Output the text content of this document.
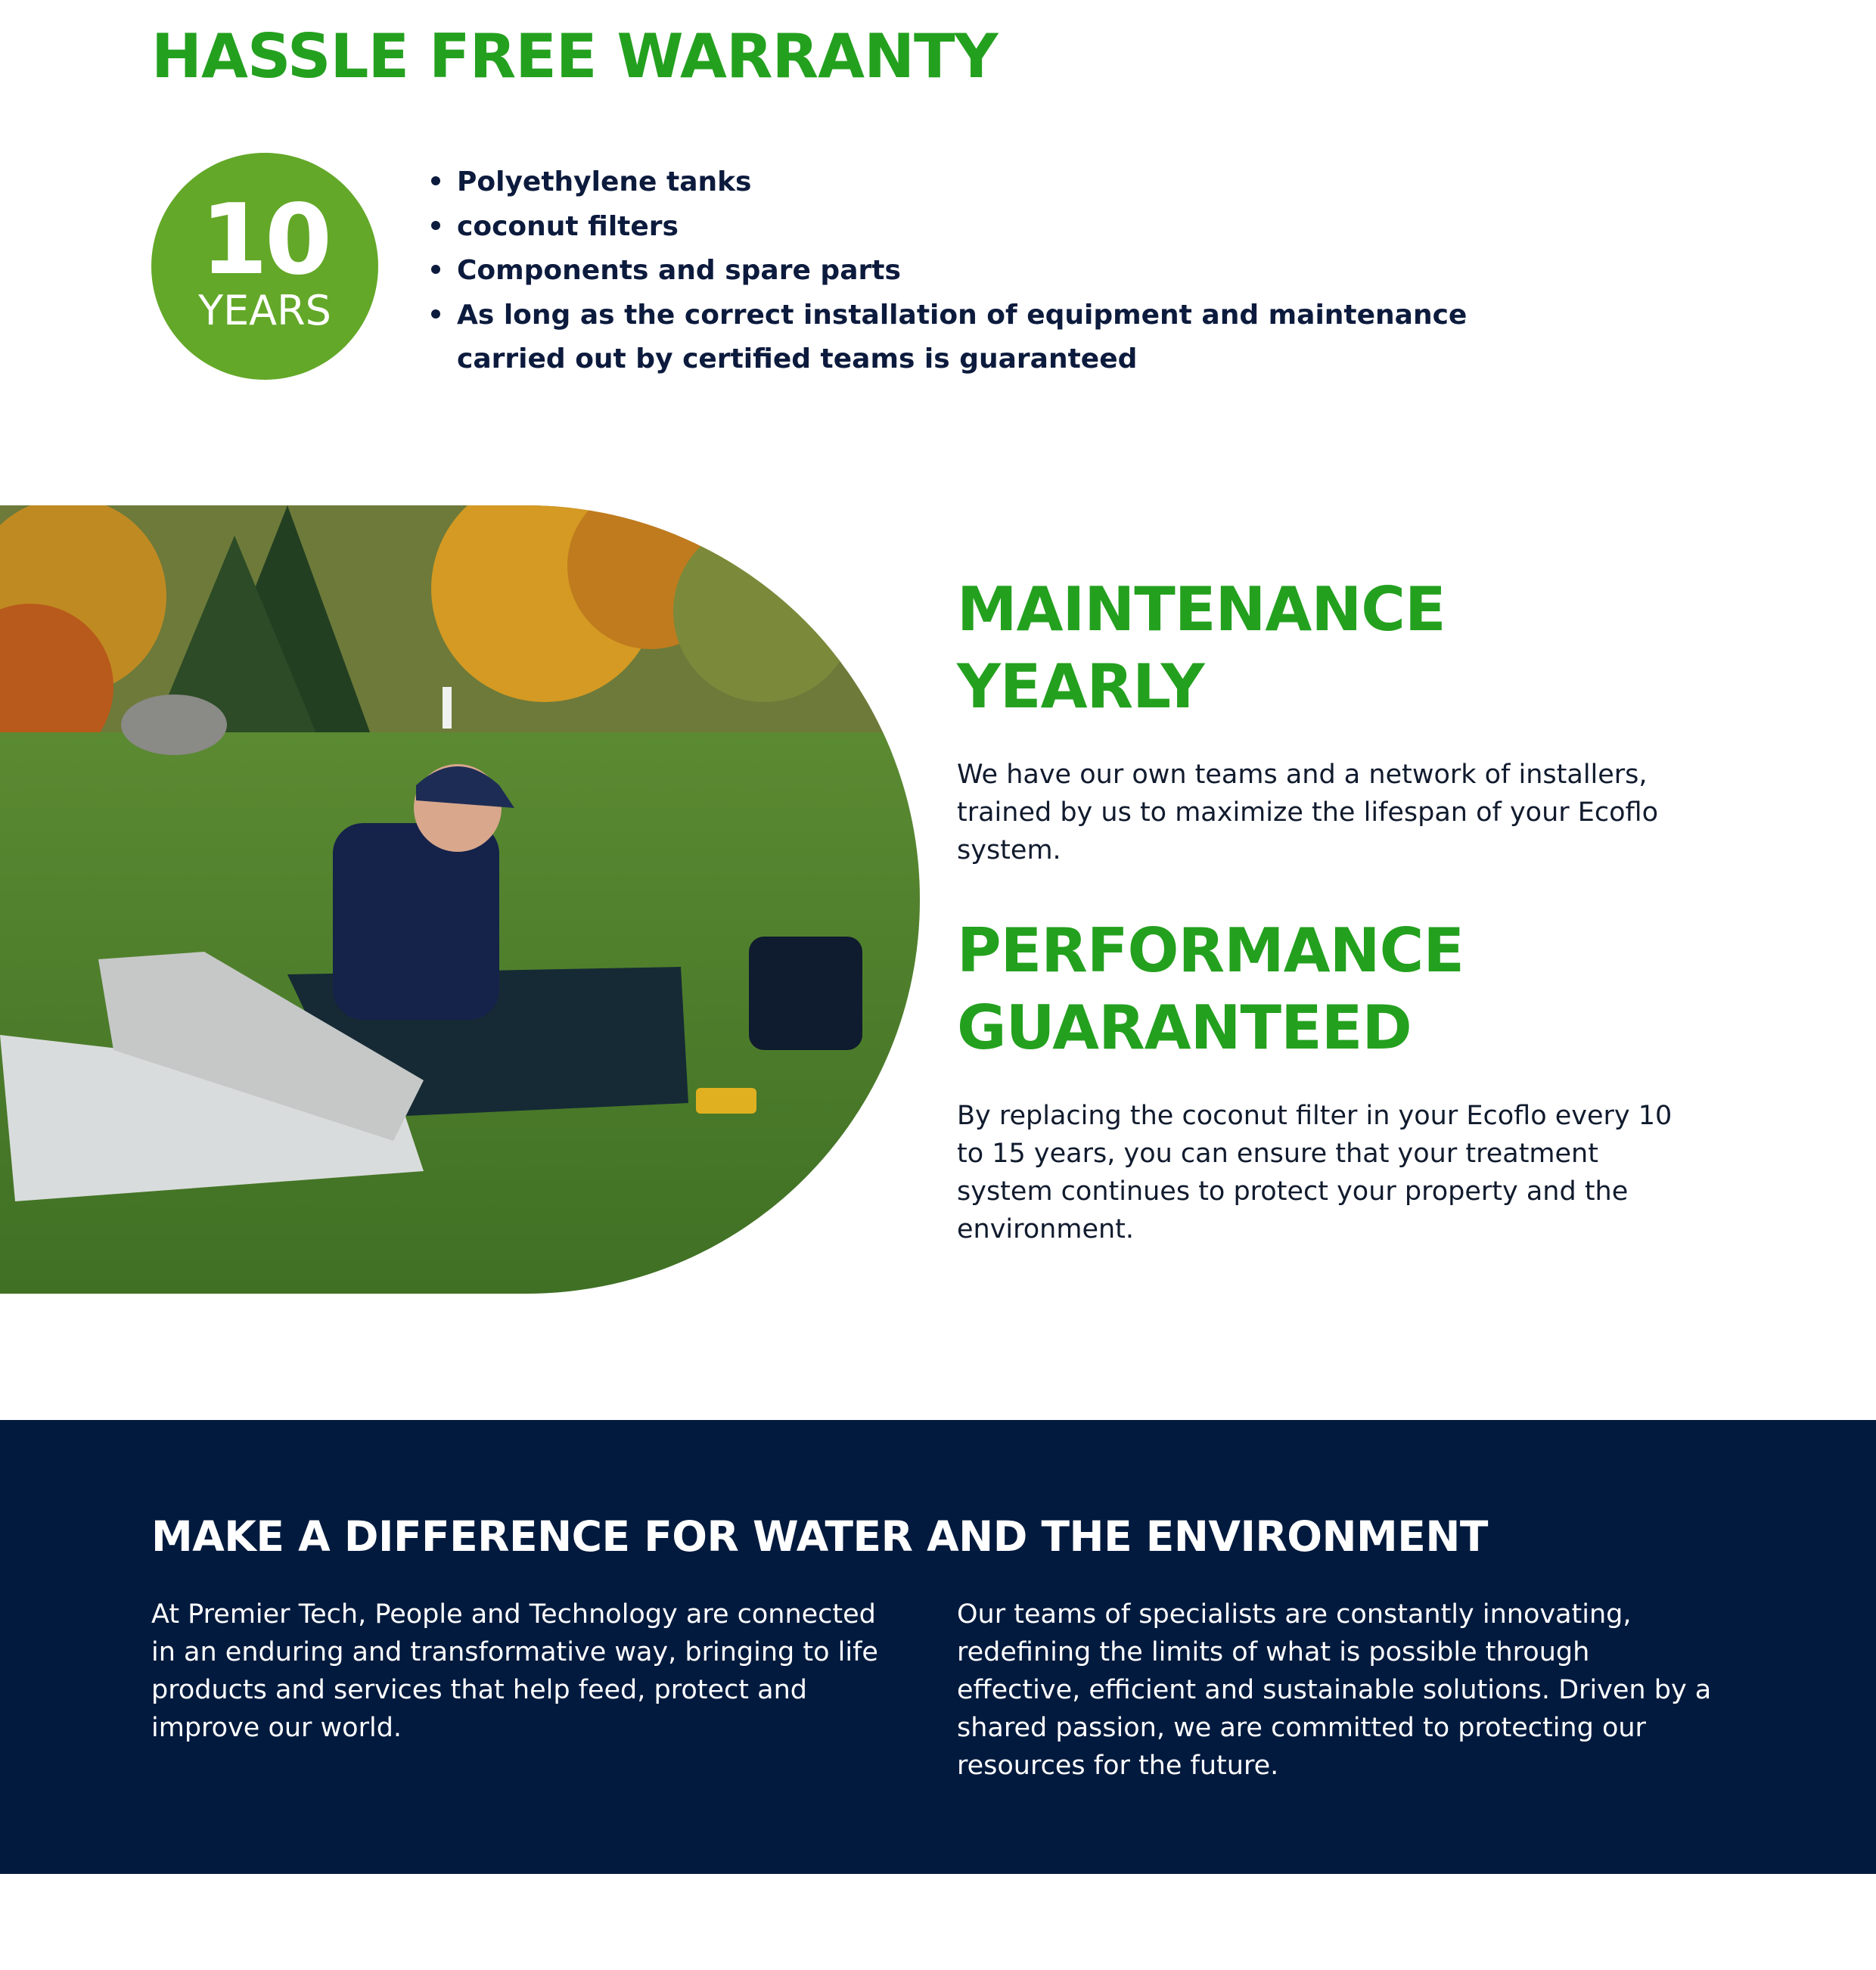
HASSLE FREE WARRANTY
10
YEARS
Polyethylene tanks
coconut filters
Components and spare parts
As long as the correct installation of equipment and maintenance carried out by certified teams is guaranteed
MAINTENANCE
YEARLY

We have our own teams and a network of installers, trained by us to maximize the lifespan of your Ecoflo system.

PERFORMANCE
GUARANTEED

By replacing the coconut filter in your Ecoflo every 10 to 15 years, you can ensure that your treatment system continues to protect your property and the environment.

MAKE A DIFFERENCE FOR WATER AND THE ENVIRONMENT

At Premier Tech, People and Technology are connected in an enduring and transformative way, bringing to life products and services that help feed, protect and improve our world.

Our teams of specialists are constantly innovating, redefining the limits of what is possible through effective, efficient and sustainable solutions. Driven by a shared passion, we are committed to protecting our resources for the future.
